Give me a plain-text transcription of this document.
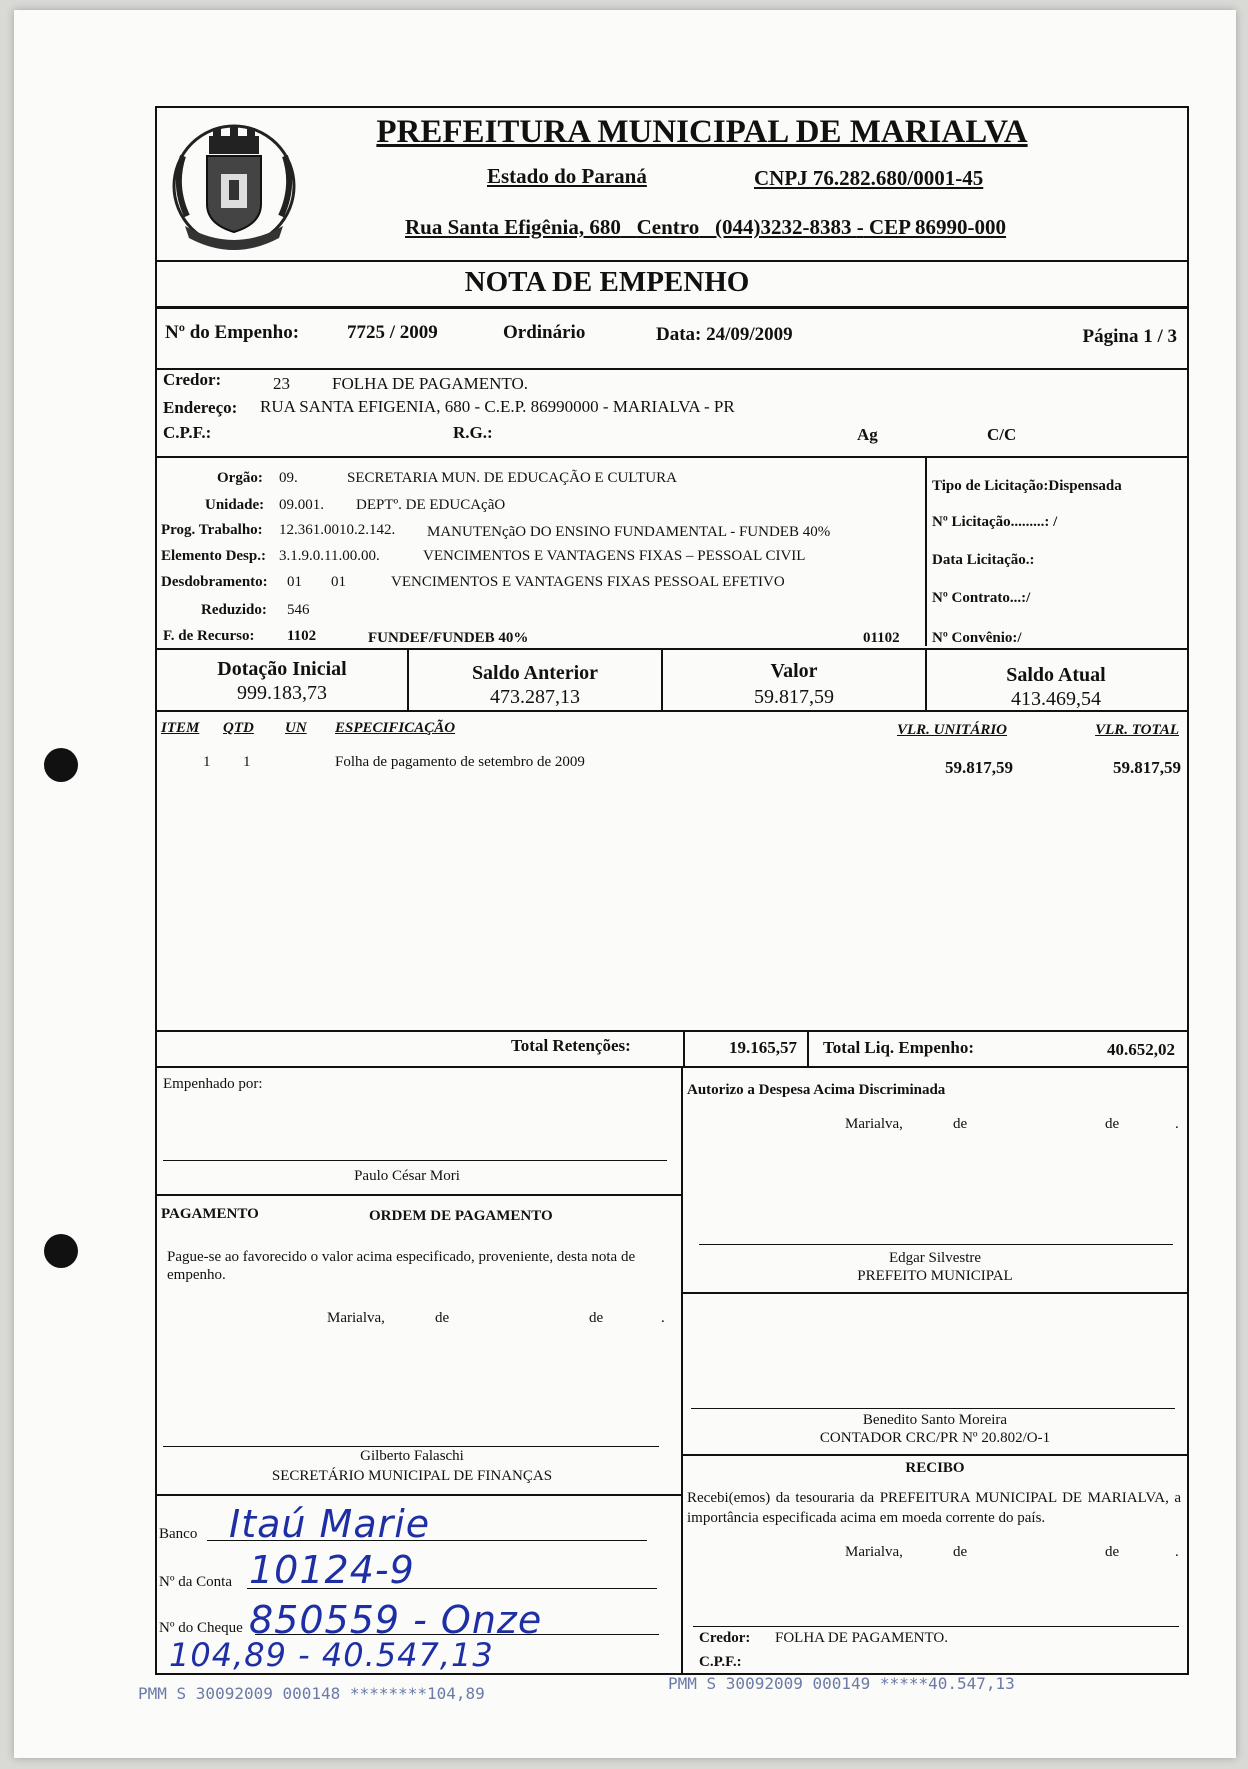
PREFEITURA MUNICIPAL DE MARIALVA
Estado do Paraná	CNPJ 76.282.680/0001-45
Rua Santa Efigênia, 680 Centro (044)3232-8383 - CEP 86990-000
NOTA DE EMPENHO
Nº do Empenho:	7725 / 2009	Ordinário	Data: 24/09/2009	Página 1 / 3
Credor:	23 FOLHA DE PAGAMENTO.
Endereço: RUA SANTA EFIGENIA, 680 - C.E.P. 86990000 - MARIALVA - PR
C.P.F.:	R.G.:	Ag	C/C
Orgão: 09.	SECRETARIA MUN. DE EDUCAÇÃO E CULTURA
Unidade: 09.001. DEPTº. DE EDUCAçãO
Prog. Trabalho: 12.361.0010.2.142. MANUTENçãO DO ENSINO FUNDAMENTAL - FUNDEB 40%
Elemento Desp.: 3.1.9.0.11.00.00.	VENCIMENTOS E VANTAGENS FIXAS – PESSOAL CIVIL
Desdobramento: 01 01	VENCIMENTOS E VANTAGENS FIXAS PESSOAL EFETIVO
Reduzido: 546
F. de Recurso: 1102	FUNDEF/FUNDEB 40%	01102
Tipo de Licitação:Dispensada
Nº Licitação.........: /
Data Licitação.:
Nº Contrato...:/
Nº Convênio:/
Dotação Inicial
999.183,73
Saldo Anterior
473.287,13
Valor
59.817,59
Saldo Atual
413.469,54
ITEM QTD UN ESPECIFICAÇÃO	VLR. UNITÁRIO	VLR. TOTAL
1 1	Folha de pagamento de setembro de 2009	59.817,59	59.817,59
Total Retenções:	19.165,57 Total Liq. Empenho:	40.652,02
Empenhado por:
Paulo César Mori
PAGAMENTO	ORDEM DE PAGAMENTO
Pague-se ao favorecido o valor acima especificado, proveniente, desta nota de empenho.
Marialva,	de	de	.
Gilberto Falaschi
SECRETÁRIO MUNICIPAL DE FINANÇAS
Banco Itaú Marie
Nº da Conta 10124-9
Nº do Cheque 850559 - Onze
104,89 - 40.547,13
Autorizo a Despesa Acima Discriminada
Marialva,	de	de	.
Edgar Silvestre
PREFEITO MUNICIPAL
Benedito Santo Moreira
CONTADOR CRC/PR Nº 20.802/O-1
RECIBO
Recebi(emos) da tesouraria da PREFEITURA MUNICIPAL DE MARIALVA, a importância especificada acima em moeda corrente do país.
Marialva,	de	de	.
Credor: FOLHA DE PAGAMENTO.
C.P.F.:
PMM S 30092009 000148 ********104,89
PMM S 30092009 000149 *****40.547,13
